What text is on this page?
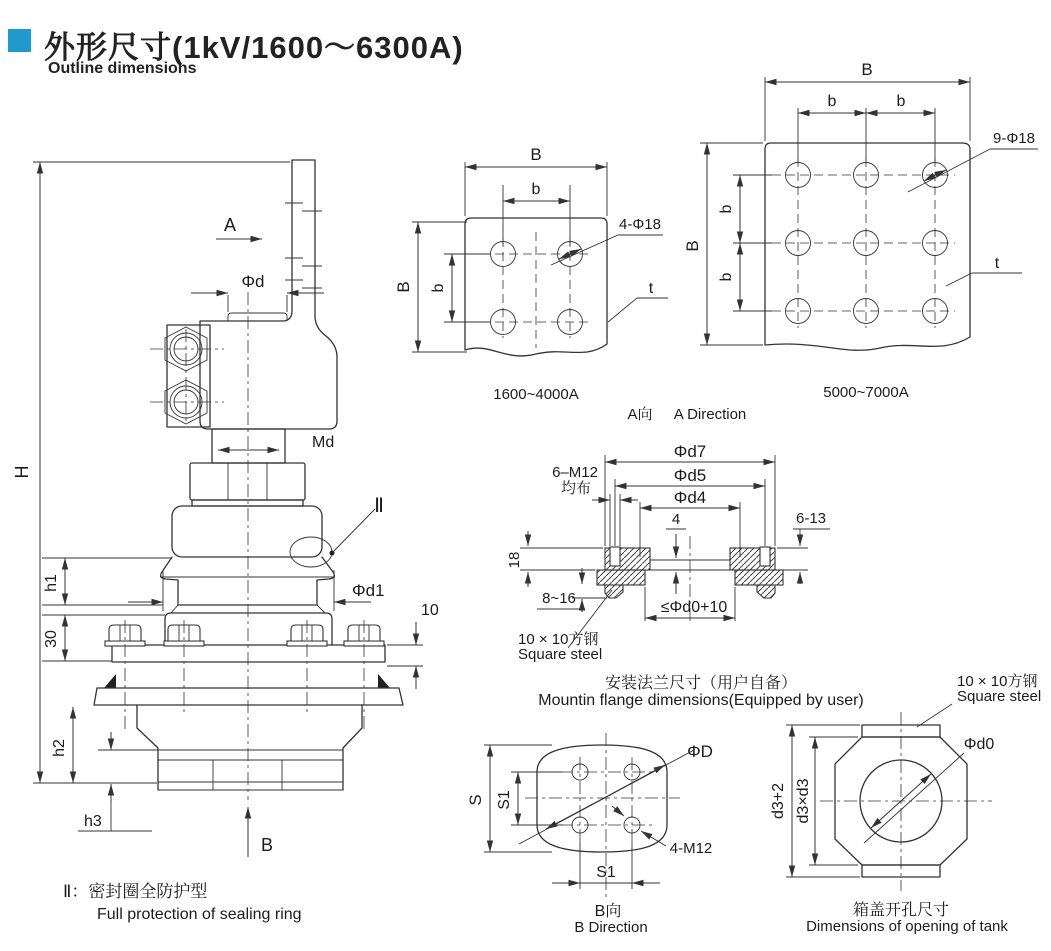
H
A
Φd
Md
Ⅱ
h1	Φd1
30
10
h2
h3
B
Ⅱ：密封圈全防护型
Full protection of sealing ring
B
b
B b
4-Φ18
t
1600~4000A
A向 A Direction
B
b	b
B
b
b
9-Φ18
t
5000~7000A
Φd7
Φd5
Φd4
6–M12
均布
4	6-13
18
8~16
≤Φd0+10
10 × 10方钢
Square steel
安装法兰尺寸（用户自备）
Mountin flange dimensions(Equipped by user)
S S1
ΦD
4-M12
S1
B向
B Direction
Φd0
d3+2 d3×d3
10 × 10方钢
Square steel
箱盖开孔尺寸
Dimensions of opening of tank
外形尺寸(1kV/1600～6300A)
Outline dimensions
